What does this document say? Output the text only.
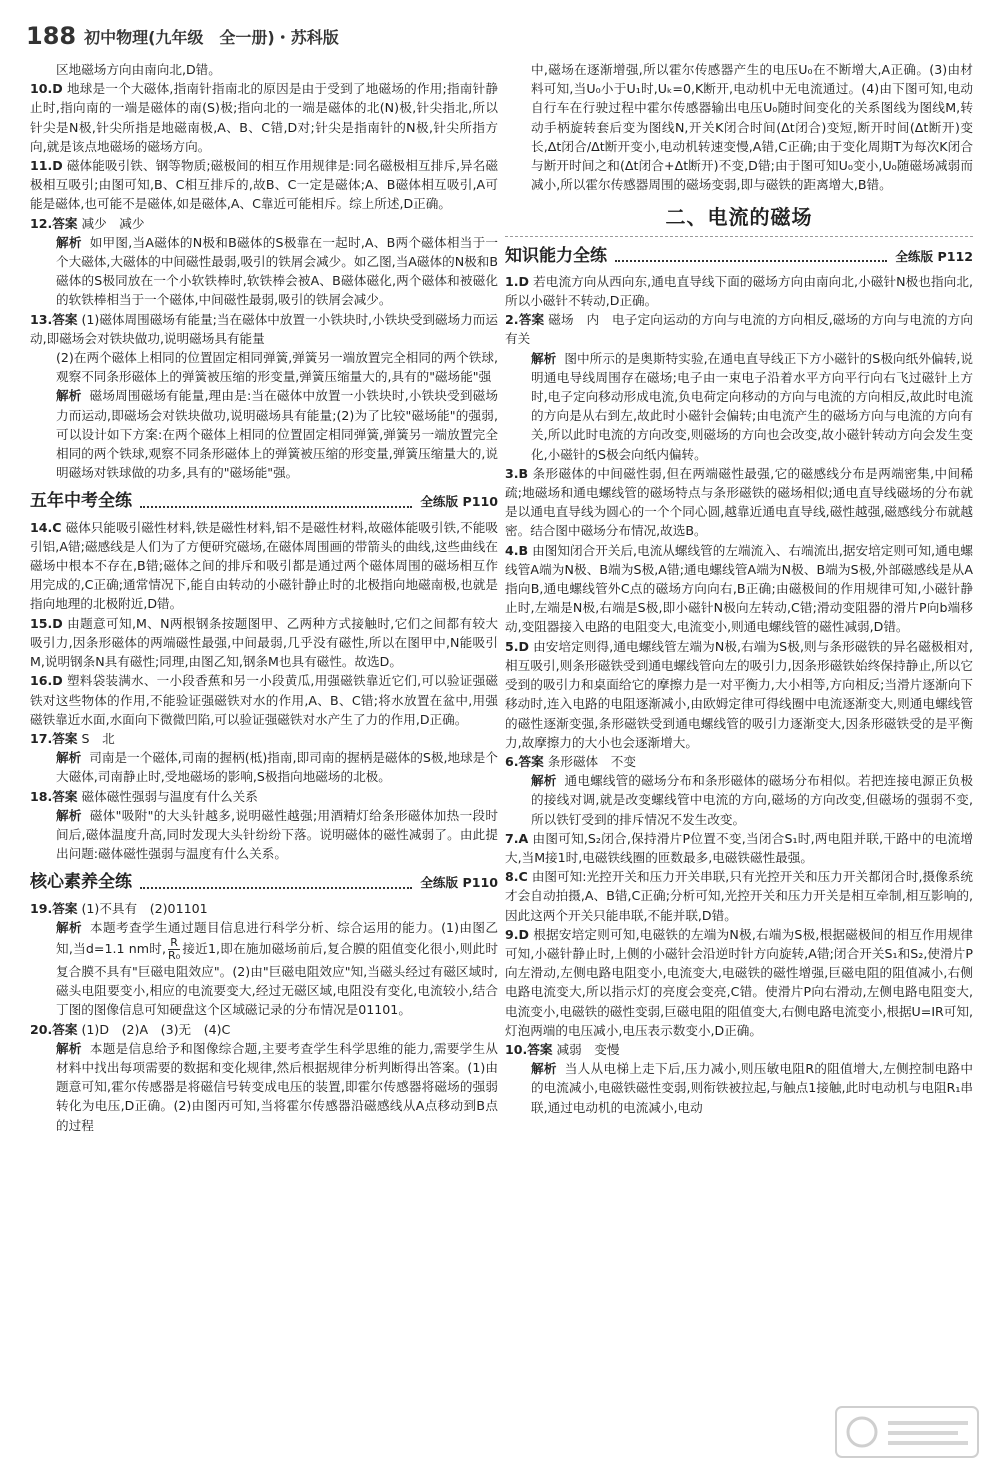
188 初中物理(九年级　全一册)・苏科版

区地磁场方向由南向北,D错。

10.D 地球是一个大磁体,指南针指南北的原因是由于受到了地磁场的作用;指南针静止时,指向南的一端是磁体的南(S)极;指向北的一端是磁体的北(N)极,针尖指北,所以针尖是N极,针尖所指是地磁南极,A、B、C错,D对;针尖是指南针的N极,针尖所指方向,就是该点地磁场的磁场方向。

11.D 磁体能吸引铁、钢等物质;磁极间的相互作用规律是:同名磁极相互排斥,异名磁极相互吸引;由图可知,B、C相互排斥的,故B、C一定是磁体;A、B磁体相互吸引,A可能是磁体,也可能不是磁体,如是磁体,A、C靠近可能相斥。综上所述,D正确。

12.答案 减少　减少

解析 如甲图,当A磁体的N极和B磁体的S极靠在一起时,A、B两个磁体相当于一个大磁体,大磁体的中间磁性最弱,吸引的铁屑会减少。如乙图,当A磁体的N极和B磁体的S极同放在一个小软铁棒时,软铁棒会被A、B磁体磁化,两个磁体和被磁化的软铁棒相当于一个磁体,中间磁性最弱,吸引的铁屑会减少。

13.答案 (1)磁体周围磁场有能量;当在磁体中放置一小铁块时,小铁块受到磁场力而运动,即磁场会对铁块做功,说明磁场具有能量

(2)在两个磁体上相同的位置固定相同弹簧,弹簧另一端放置完全相同的两个铁球,观察不同条形磁体上的弹簧被压缩的形变量,弹簧压缩量大的,具有的"磁场能"强

解析 磁场周围磁场有能量,理由是:当在磁体中放置一小铁块时,小铁块受到磁场力而运动,即磁场会对铁块做功,说明磁场具有能量;(2)为了比较"磁场能"的强弱,可以设计如下方案:在两个磁体上相同的位置固定相同弹簧,弹簧另一端放置完全相同的两个铁球,观察不同条形磁体上的弹簧被压缩的形变量,弹簧压缩量大的,说明磁场对铁球做的功多,具有的"磁场能"强。

五年中考全练	全练版 P110

14.C 磁体只能吸引磁性材料,铁是磁性材料,铝不是磁性材料,故磁体能吸引铁,不能吸引铝,A错;磁感线是人们为了方便研究磁场,在磁体周围画的带箭头的曲线,这些曲线在磁场中根本不存在,B错;磁体之间的排斥和吸引都是通过两个磁体周围的磁场相互作用完成的,C正确;通常情况下,能自由转动的小磁针静止时的北极指向地磁南极,也就是指向地理的北极附近,D错。

15.D 由题意可知,M、N两根钢条按题图甲、乙两种方式接触时,它们之间都有较大吸引力,因条形磁体的两端磁性最强,中间最弱,几乎没有磁性,所以在图甲中,N能吸引M,说明钢条N具有磁性;同理,由图乙知,钢条M也具有磁性。故选D。

16.D 塑料袋装满水、一小段香蕉和另一小段黄瓜,用强磁铁靠近它们,可以验证强磁铁对这些物体的作用,不能验证强磁铁对水的作用,A、B、C错;将水放置在盆中,用强磁铁靠近水面,水面向下微微凹陷,可以验证强磁铁对水产生了力的作用,D正确。

17.答案 S　北

解析 司南是一个磁体,司南的握柄(柢)指南,即司南的握柄是磁体的S极,地球是个大磁体,司南静止时,受地磁场的影响,S极指向地磁场的北极。

18.答案 磁体磁性强弱与温度有什么关系

解析 磁体"吸附"的大头针越多,说明磁性越强;用酒精灯给条形磁体加热一段时间后,磁体温度升高,同时发现大头针纷纷下落。说明磁体的磁性减弱了。由此提出问题:磁体磁性强弱与温度有什么关系。

核心素养全练	全练版 P110

19.答案 (1)不具有　(2)01101

解析 本题考查学生通过题目信息进行科学分析、综合运用的能力。(1)由图乙知,当d=1.1 nm时, $\frac{R}{\text{R₀}}$ 接近1,即在施加磁场前后,复合膜的阻值变化很小,则此时复合膜不具有"巨磁电阻效应"。(2)由"巨磁电阻效应"知,当磁头经过有磁区域时,磁头电阻要变小,相应的电流要变大,经过无磁区域,电阻没有变化,电流较小,结合丁图的图像信息可知硬盘这个区域磁记录的分布情况是01101。

20.答案 (1)D　(2)A　(3)无　(4)C

解析 本题是信息给予和图像综合题,主要考查学生科学思维的能力,需要学生从材料中找出每项需要的数据和变化规律,然后根据规律分析判断得出答案。(1)由题意可知,霍尔传感器是将磁信号转变成电压的装置,即霍尔传感器将磁场的强弱转化为电压,D正确。(2)由图丙可知,当将霍尔传感器沿磁感线从A点移动到B点的过程

中,磁场在逐渐增强,所以霍尔传感器产生的电压U₀在不断增大,A正确。(3)由材料可知,当U₀小于U₁时,Uₖ=0,K断开,电动机中无电流通过。(4)由下图可知,电动自行车在行驶过程中霍尔传感器输出电压U₀随时间变化的关系图线为图线M,转动手柄旋转套后变为图线N,开关K闭合时间(Δt闭合)变短,断开时间(Δt断开)变长,Δt闭合/Δt断开变小,电动机转速变慢,A错,C正确;由于变化周期T为每次K闭合与断开时间之和(Δt闭合+Δt断开)不变,D错;由于图可知U₀变小,U₀随磁场减弱而减小,所以霍尔传感器周围的磁场变弱,即与磁铁的距离增大,B错。

二、电流的磁场
知识能力全练	全练版 P112

1.D 若电流方向从西向东,通电直导线下面的磁场方向由南向北,小磁针N极也指向北,所以小磁针不转动,D正确。

2.答案 磁场　内　电子定向运动的方向与电流的方向相反,磁场的方向与电流的方向有关

解析 图中所示的是奥斯特实验,在通电直导线正下方小磁针的S极向纸外偏转,说明通电导线周围存在磁场;电子由一束电子沿着水平方向平行向右飞过磁针上方时,电子定向移动形成电流,负电荷定向移动的方向与电流的方向相反,故此时电流的方向是从右到左,故此时小磁针会偏转;由电流产生的磁场方向与电流的方向有关,所以此时电流的方向改变,则磁场的方向也会改变,故小磁针转动方向会发生变化,小磁针的S极会向纸内偏转。

3.B 条形磁体的中间磁性弱,但在两端磁性最强,它的磁感线分布是两端密集,中间稀疏;地磁场和通电螺线管的磁场特点与条形磁铁的磁场相似;通电直导线磁场的分布就是以通电直导线为圆心的一个个同心圆,越靠近通电直导线,磁性越强,磁感线分布就越密。结合图中磁场分布情况,故选B。

4.B 由图知闭合开关后,电流从螺线管的左端流入、右端流出,据安培定则可知,通电螺线管A端为N极、B端为S极,A错;通电螺线管A端为N极、B端为S极,外部磁感线是从A指向B,通电螺线管外C点的磁场方向向右,B正确;由磁极间的作用规律可知,小磁针静止时,左端是N极,右端是S极,即小磁针N极向左转动,C错;滑动变阻器的滑片P向b端移动,变阻器接入电路的电阻变大,电流变小,则通电螺线管的磁性减弱,D错。

5.D 由安培定则得,通电螺线管左端为N极,右端为S极,则与条形磁铁的异名磁极相对,相互吸引,则条形磁铁受到通电螺线管向左的吸引力,因条形磁铁始终保持静止,所以它受到的吸引力和桌面给它的摩擦力是一对平衡力,大小相等,方向相反;当滑片逐渐向下移动时,连入电路的电阻逐渐减小,由欧姆定律可得线圈中电流逐渐变大,则通电螺线管的磁性逐渐变强,条形磁铁受到通电螺线管的吸引力逐渐变大,因条形磁铁受的是平衡力,故摩擦力的大小也会逐渐增大。

6.答案 条形磁体　不变

解析 通电螺线管的磁场分布和条形磁体的磁场分布相似。若把连接电源正负极的接线对调,就是改变螺线管中电流的方向,磁场的方向改变,但磁场的强弱不变,所以铁钉受到的排斥情况不发生改变。

7.A 由图可知,S₂闭合,保持滑片P位置不变,当闭合S₁时,两电阻并联,干路中的电流增大,当M接1时,电磁铁线圈的匝数最多,电磁铁磁性最强。

8.C 由图可知:光控开关和压力开关串联,只有光控开关和压力开关都闭合时,摄像系统才会自动拍摄,A、B错,C正确;分析可知,光控开关和压力开关是相互牵制,相互影响的,因此这两个开关只能串联,不能并联,D错。

9.D 根据安培定则可知,电磁铁的左端为N极,右端为S极,根据磁极间的相互作用规律可知,小磁针静止时,上侧的小磁针会沿逆时针方向旋转,A错;闭合开关S₁和S₂,使滑片P向左滑动,左侧电路电阻变小,电流变大,电磁铁的磁性增强,巨磁电阻的阻值减小,右侧电路电流变大,所以指示灯的亮度会变亮,C错。使滑片P向右滑动,左侧电路电阻变大,电流变小,电磁铁的磁性变弱,巨磁电阻的阻值变大,右侧电路电流变小,根据U=IR可知,灯泡两端的电压减小,电压表示数变小,D正确。

10.答案 减弱　变慢

解析 当人从电梯上走下后,压力减小,则压敏电阻R的阻值增大,左侧控制电路中的电流减小,电磁铁磁性变弱,则衔铁被拉起,与触点1接触,此时电动机与电阻R₁串联,通过电动机的电流减小,电动
